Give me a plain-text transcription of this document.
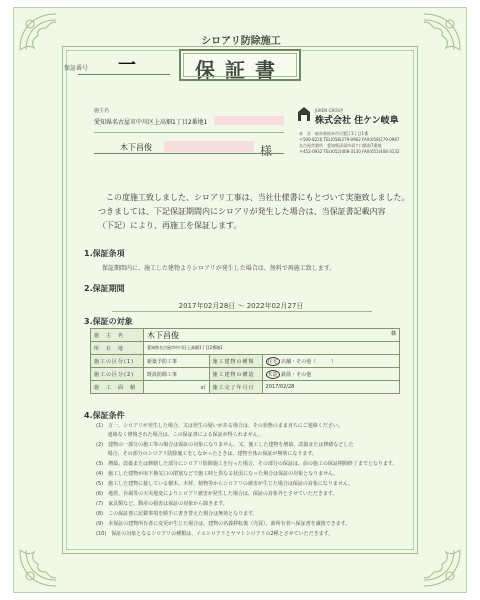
シロアリ防除施工
保証番号 一	保証書
施主名
愛知県名古屋市中川区上高畑1丁目2番地1
木下昌俊	様
JUKEN GROUP
株式会社 住ケン岐阜
本　社　岐阜県岐阜市日置江3丁目1番
〒500-8226 TEL(058)279-0962 FAX(058)279-0967
名古屋営業所　愛知県清須市須ケ口駅前7番地
〒452-0932 TEL(052)408-3130 FAX(052)408-3132
この度施工致しました、シロアリ工事は、当社仕様書にもとづいて実施致しました。
つきましては、下記保証期間内にシロアリが発生した場合は、当保証書記載内容
（下記）により、再施工を保証します。
1.保証条項
保証期間内に、施工した建物よりシロアリが発生した場合は、無料で再施工致します。
2.保証期間
2017年02月28日 〜 2022年02月27日
3.保証の対象
施　主　名	木下昌俊 様		

所　在　地	愛知県名古屋市中川区上高畑1丁目2番地1		
施工の区分(1)	新築予防工事	施工建物の種類	住宅 店舗・その他（　　　）
施工の区分(2)	既設防除工事	施工建物の構造	木造 鉄筋・その他
施　工　面　積	㎡	施工完了年月日	2017/02/28
4.保証条件
(1)　万一、シロアリが発生した場合、又は発生の疑いがある場合は、その状態のまま直ちにご連絡ください。
　　 連絡なく修復された場合は、この保証書による保証が得られません。
(2)　建物の一部分の施工等の場合は保証の対象になりません。又、施工した建物を増築、改築または修繕などした
　　 場合、その部分のシロアリ防除施工をしなかったときは、建物全体の保証が無効になります。
(3)　増築、改築または修繕した部分にシロアリ防除施工を行った場合、その部分の保証は、前の施工の保証期間終了までとなります。
(4)　施工した建物が床下換気口の閉塞などで施工時と異なる状況になった場合は保証の対象となりません。
(5)　施工した建物に接している樹木、木材、植物等からシロアリの被害が生じた場合は保証の対象になりません。
(6)　地震、台風等の天災地変によりシロアリ被害が発生した場合は、保証の対象外とさせていただきます。
(7)　家具類など、動産の損害は保証の対象から除きます。
(8)　この保証書に記載事項を勝手に書き替えた場合は無効となります。
(9)　本保証の建物所有者に変更が生じた場合は、建物の名義移転後（売買）、新所有者へ保証書を譲渡できます。
(10)　保証の対象となるシロアリの種類は、イエシロアリとヤマトシロアリの2種とさせていただきます。
